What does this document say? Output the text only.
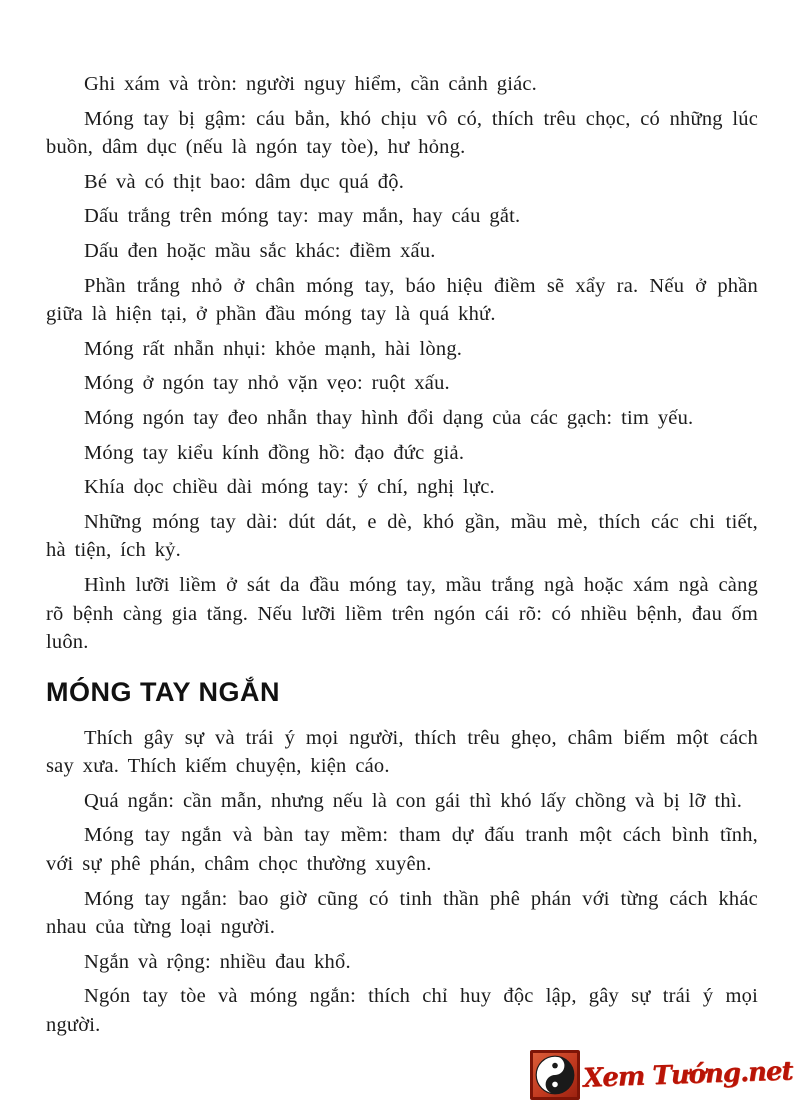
Ghi xám và tròn: người nguy hiểm, cần cảnh giác.

Móng tay bị gậm: cáu bẳn, khó chịu vô có, thích trêu chọc, có những lúc buồn, dâm dục (nếu là ngón tay tòe), hư hỏng.

Bé và có thịt bao: dâm dục quá độ.

Dấu trắng trên móng tay: may mắn, hay cáu gắt.

Dấu đen hoặc mầu sắc khác: điềm xấu.

Phần trắng nhỏ ở chân móng tay, báo hiệu điềm sẽ xẩy ra. Nếu ở phần giữa là hiện tại, ở phần đầu móng tay là quá khứ.

Móng rất nhẵn nhụi: khỏe mạnh, hài lòng.

Móng ở ngón tay nhỏ vặn vẹo: ruột xấu.

Móng ngón tay đeo nhẫn thay hình đổi dạng của các gạch: tim yếu.

Móng tay kiểu kính đồng hồ: đạo đức giả.

Khía dọc chiều dài móng tay: ý chí, nghị lực.

Những móng tay dài: dút dát, e dè, khó gần, mầu mè, thích các chi tiết, hà tiện, ích kỷ.

Hình lưỡi liềm ở sát da đầu móng tay, mầu trắng ngà hoặc xám ngà càng rõ bệnh càng gia tăng. Nếu lưỡi liềm trên ngón cái rõ: có nhiều bệnh, đau ốm luôn.

MÓNG TAY NGẮN

Thích gây sự và trái ý mọi người, thích trêu ghẹo, châm biếm một cách say xưa. Thích kiếm chuyện, kiện cáo.

Quá ngắn: cần mẫn, nhưng nếu là con gái thì khó lấy chồng và bị lỡ thì.

Móng tay ngắn và bàn tay mềm: tham dự đấu tranh một cách bình tĩnh, với sự phê phán, châm chọc thường xuyên.

Móng tay ngắn: bao giờ cũng có tinh thần phê phán với từng cách khác nhau của từng loại người.

Ngắn và rộng: nhiều đau khổ.

Ngón tay tòe và móng ngắn: thích chỉ huy độc lập, gây sự trái ý mọi người.

Xem Tướng.net
